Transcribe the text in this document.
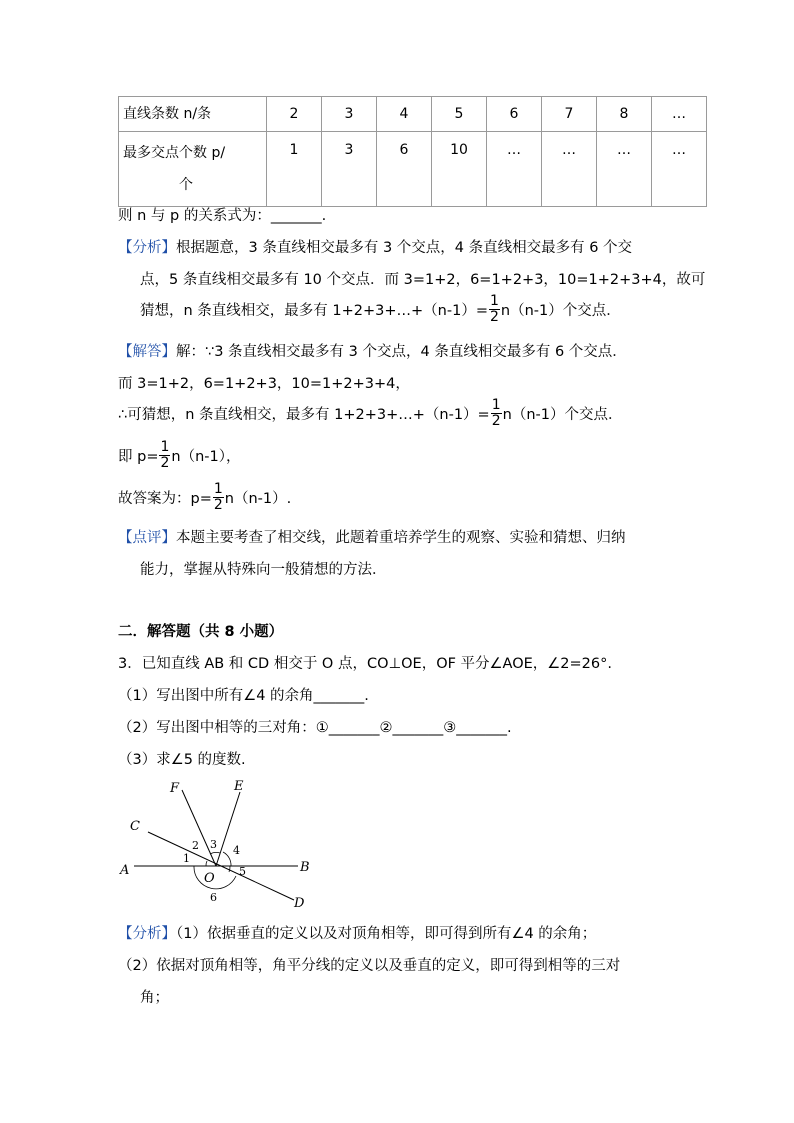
直线条数 n/条	2	3	4	5	6	7	8	…

最多交点个数 p/
个	1	3	6	10	…	…	…	…
则 n 与 p 的关系式为：_______.
【分析】根据题意，3 条直线相交最多有 3 个交点，4 条直线相交最多有 6 个交
点，5 条直线相交最多有 10 个交点．而 3=1+2，6=1+2+3，10=1+2+3+4，故可
猜想，n 条直线相交，最多有 1+2+3+…+（n-1）= $\frac{1}{2} n(n-1)$个交点．
【解答】解：∵3 条直线相交最多有 3 个交点，4 条直线相交最多有 6 个交点．
而 3=1+2，6=1+2+3，10=1+2+3+4，
∴可猜想，n 条直线相交，最多有 1+2+3+…+（n-1）= $\frac{1}{2} n(n-1)$个交点．
即 $p= \frac{1}{2} n(n-1)$，
故答案为：$p= \frac{1}{2} n(n-1)$.
【点评】本题主要考查了相交线，此题着重培养学生的观察、实验和猜想、归纳
能力，掌握从特殊向一般猜想的方法．
二．解答题（共 8 小题）
3．已知直线 AB 和 CD 相交于 O 点，CO⊥OE，OF 平分∠AOE，∠2=26°.
（1）写出图中所有∠4 的余角_______.
（2）写出图中相等的三对角：①_______②_______③_______.
（3）求∠5 的度数.
F	E
C
A	B
D
O
1
2 3 4
5
6
【分析】（1）依据垂直的定义以及对顶角相等，即可得到所有∠4 的余角；
（2）依据对顶角相等，角平分线的定义以及垂直的定义，即可得到相等的三对
角；
